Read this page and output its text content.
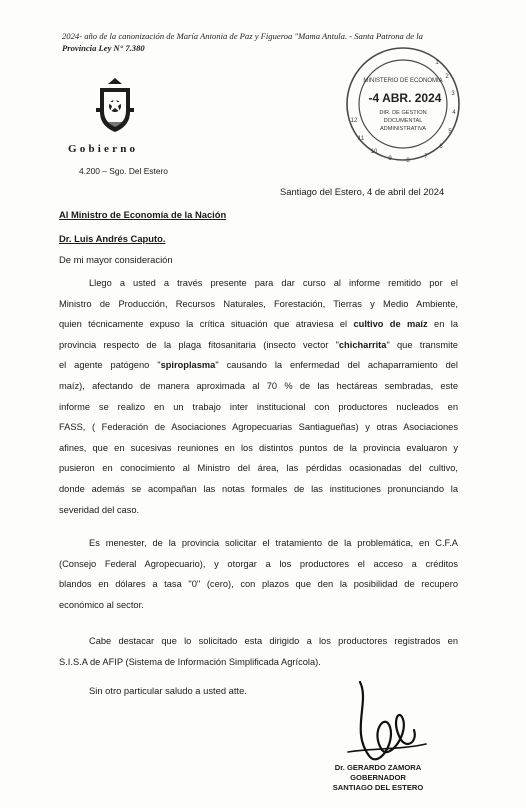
2024- año de la canonización de María Antonia de Paz y Figueroa "Mama Antula. - Santa Patrona de la
Provincia Ley N° 7.380
Gobierno
4.200 – Sgo. Del Estero
1
2
3
4
5
6
7
8
9
10
11
12
MINISTERIO DE ECONOMIA
-4 ABR. 2024
DIR. DE GESTION
DOCUMENTAL
ADMINISTRATIVA
Santiago del Estero, 4 de abril del 2024
Al Ministro de Economía de la Nación
Dr. Luis Andrés Caputo.
De mi mayor consideración
Llego a usted a través presente para dar curso al informe remitido por el
Ministro de Producción, Recursos Naturales, Forestación, Tierras y Medio Ambiente,
quien técnicamente expuso la crítica situación que atraviesa el cultivo de maíz en la
provincia respecto de la plaga fitosanitaria (insecto vector "chicharrita" que transmite
el agente patógeno "spiroplasma" causando la enfermedad del achaparramiento del
maíz), afectando de manera aproximada al 70 % de las hectáreas sembradas, este
informe se realizo en un trabajo inter institucional con productores nucleados en
FASS, ( Federación de Asociaciones Agropecuarias Santiagueñas) y otras Asociaciones
afines, que en sucesivas reuniones en los distintos puntos de la provincia evaluaron y
pusieron en conocimiento al Ministro del área, las pérdidas ocasionadas del cultivo,
donde además se acompañan las notas formales de las instituciones pronunciando la
severidad del caso.
Es menester, de la provincia solicitar el tratamiento de la problemática, en C.F.A
(Consejo Federal Agropecuario), y otorgar a los productores el acceso a créditos
blandos en dólares a tasa "0" (cero), con plazos que den la posibilidad de recupero
económico al sector.
Cabe destacar que lo solicitado esta dirigido a los productores registrados en
S.I.S.A de AFIP (Sistema de Información Simplificada Agrícola).
Sin otro particular saludo a usted atte.
Dr. GERARDO ZAMORA
GOBERNADOR
SANTIAGO DEL ESTERO
